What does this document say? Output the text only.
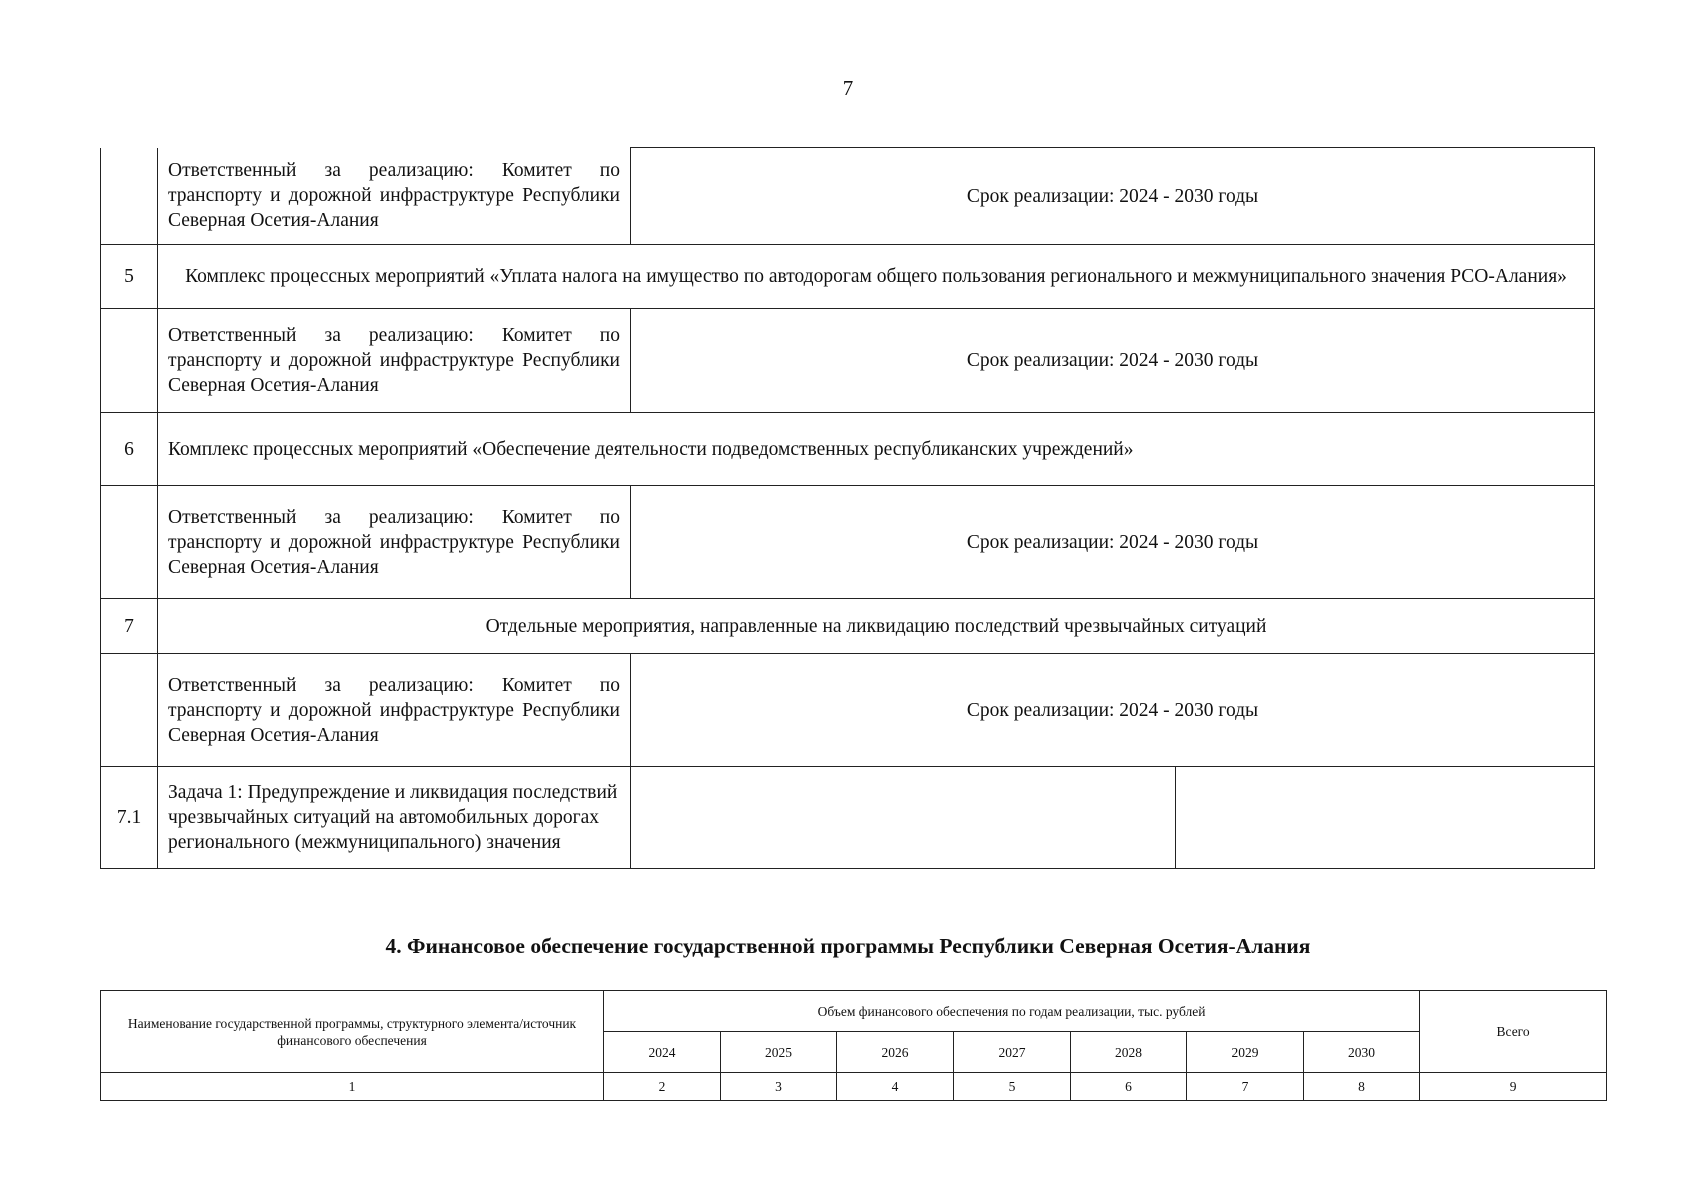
7
	Ответственный за реализацию: Комитет по транспорту и дорожной инфраструктуре Республики Северная Осетия-Алания	Срок реализации: 2024 - 2030 годы	
5	Комплекс процессных мероприятий «Уплата налога на имущество по автодорогам общего пользования регионального и межмуниципального значения РСО-Алания»		
	Ответственный за реализацию: Комитет по транспорту и дорожной инфраструктуре Республики Северная Осетия-Алания	Срок реализации: 2024 - 2030 годы	
6	Комплекс процессных мероприятий «Обеспечение деятельности подведомственных республиканских учреждений»		
	Ответственный за реализацию: Комитет по транспорту и дорожной инфраструктуре Республики Северная Осетия-Алания	Срок реализации: 2024 - 2030 годы	
7	Отдельные мероприятия, направленные на ликвидацию последствий чрезвычайных ситуаций		
	Ответственный за реализацию: Комитет по транспорту и дорожной инфраструктуре Республики Северная Осетия-Алания	Срок реализации: 2024 - 2030 годы	
7.1	Задача 1: Предупреждение и ликвидация последствий чрезвычайных ситуаций на автомобильных дорогах регионального (межмуниципального) значения		
4. Финансовое обеспечение государственной программы Республики Северная Осетия-Алания
Наименование государственной программы, структурного элемента/источник финансового обеспечения	Объем финансового обеспечения по годам реализации, тыс. рублей							Всего
	2024	2025	2026	2027	2028	2029	2030	
1	2	3	4	5	6	7	8	9
